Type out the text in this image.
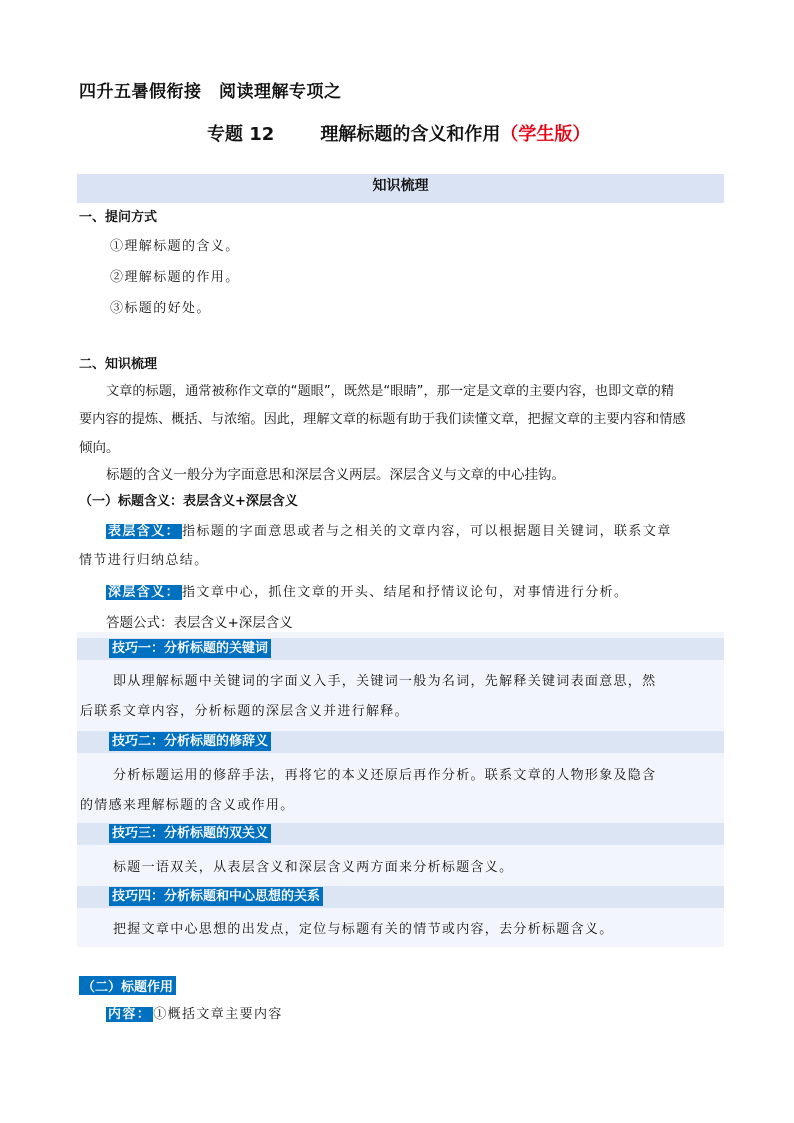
四升五暑假衔接　阅读理解专项之
专题 12	理解标题的含义和作用（学生版）
知识梳理
一、提问方式
①理解标题的含义。
②理解标题的作用。
③标题的好处。
二、知识梳理
文章的标题，通常被称作文章的“题眼”，既然是“眼睛”，那一定是文章的主要内容，也即文章的精
要内容的提炼、概括、与浓缩。因此，理解文章的标题有助于我们读懂文章，把握文章的主要内容和情感
倾向。
标题的含义一般分为字面意思和深层含义两层。深层含义与文章的中心挂钩。
（一）标题含义：表层含义+深层含义
表层含义： 指标题的字面意思或者与之相关的文章内容，可以根据题目关键词，联系文章
情节进行归纳总结。
深层含义： 指文章中心，抓住文章的开头、结尾和抒情议论句，对事情进行分析。
答题公式：表层含义+深层含义
技巧一：分析标题的关键词
即从理解标题中关键词的字面义入手，关键词一般为名词，先解释关键词表面意思，然
后联系文章内容，分析标题的深层含义并进行解释。
技巧二：分析标题的修辞义
分析标题运用的修辞手法，再将它的本义还原后再作分析。联系文章的人物形象及隐含
的情感来理解标题的含义或作用。
技巧三：分析标题的双关义
标题一语双关，从表层含义和深层含义两方面来分析标题含义。
技巧四：分析标题和中心思想的关系
把握文章中心思想的出发点，定位与标题有关的情节或内容，去分析标题含义。
（二）标题作用
内容： ①概括文章主要内容
